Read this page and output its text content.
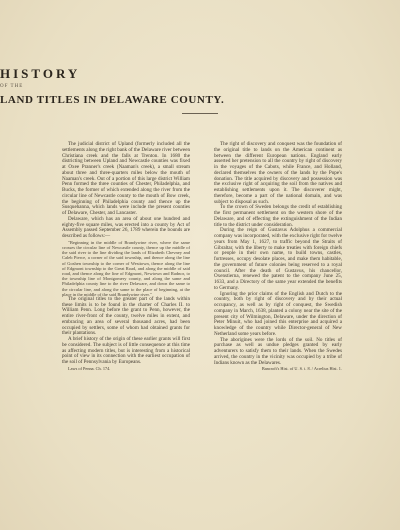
HISTORY
OF THE
LAND TITLES IN DELAWARE COUNTY.

The judicial district of Upland (formerly included all the settlements along the right bank of the Delaware river between Christiana creek and the falls at Trenton. In 1680 the districting between Upland and Newcastle counties was fixed at Oxee Pranner's creek (Naaman's creek), a small stream about three and three-quarters miles below the mouth of Naaman's creek. Out of a portion of this large district William Penn formed the three counties of Chester, Philadelphia, and Bucks, the former of which extended along the river from the circular line of Newcastle county to the mouth of Bow creek, the beginning of Philadelphia county and thence up the Susquehanna, which lands were include the present counties of Delaware, Chester, and Lancaster.

Delaware, which has an area of about one hundred and eighty-five square miles, was erected into a county by Act of Assembly passed September 26, 1789 wherein the bounds are described as follows:—

"Beginning in the middle of Brandywine river, where the same crosses the circular line of Newcastle county, thence up the middle of the said river to the line dividing the lands of Elizabeth Chevney and Caleb Pierce, a corner of the said township, and thence along the line of Goshen township to the corner of Westtown, thence along the line of Edgmont township to the Great Road, and along the middle of said road, and thence along the line of Edgmont, Newtown and Radnor, to the township line of Montgomery county, and along the same and Philadelphia county line to the river Delaware, and down the same to the circular line, and along the same to the place of beginning, at the place in the middle of the said Brandywine river."

The original titles to the greater part of the lands within these limits is to be found in the charter of Charles II. to William Penn. Long before the grant to Penn, however, the entire river-front of the county, twelve miles in extent, and embracing an area of several thousand acres, had been occupied by settlers, some of whom had obtained grants for their plantations.

A brief history of the origin of these earlier grants will first be considered. The subject is of little consequence at this time as affecting modern titles, but is interesting from a historical point of view in its connection with the earliest occupation of the soil of Pennsylvania by Europeans.

Laws of Penna. Ch. 174.

The right of discovery and conquest was the foundation of the original title to lands on the American continent as between the different European nations. England early asserted her pretension to all the country by right of discovery in the voyages of the Cabots, while France, and Holland, declared themselves the owners of the lands by the Pope's donation. The title acquired by discovery and possession was the exclusive right of acquiring the soil from the natives and establishing settlements upon it. The discoverer might, therefore, become a part of the national domain, and was subject to disposal as such.

To the crown of Sweden belongs the credit of establishing the first permanent settlement on the western shore of the Delaware, and of effecting the extinguishment of the Indian title to the district under consideration.

During the reign of Gustavus Adolphus a commercial company was incorporated, with the exclusive right for twelve years from May 1, 1627, to traffic beyond the Straits of Gibraltar, with the liberty to make treaties with foreign chiefs or people in their own name, to build towns, castles, fortresses, occupy desolate places, and make them habitable, the government of future colonies being reserved to a royal council. After the death of Gustavus, his chancellor, Oxenstierna, renewed the patent to the company June 25, 1633, and a Directory of the same year extended the benefits to Germany.

Ignoring the prior claims of the English and Dutch to the country, both by right of discovery and by their actual occupancy, as well as by right of conquest, the Swedish company in March, 1638, planted a colony near the site of the present city of Wilmington, Delaware, under the direction of Peter Minuit, who had joined this enterprise and acquired a knowledge of the country while Director-general of New Netherland some years before.

The aborigines were the lords of the soil. No titles of purchase as well as undue pledges granted by early adventurers to satisfy them to their lands. When the Swedes arrived, the country in the vicinity was occupied by a tribe of Indians known as the Delawares.

Bancroft's Hist. of U. S. i. 8. / Acrelius Hist. 1.
